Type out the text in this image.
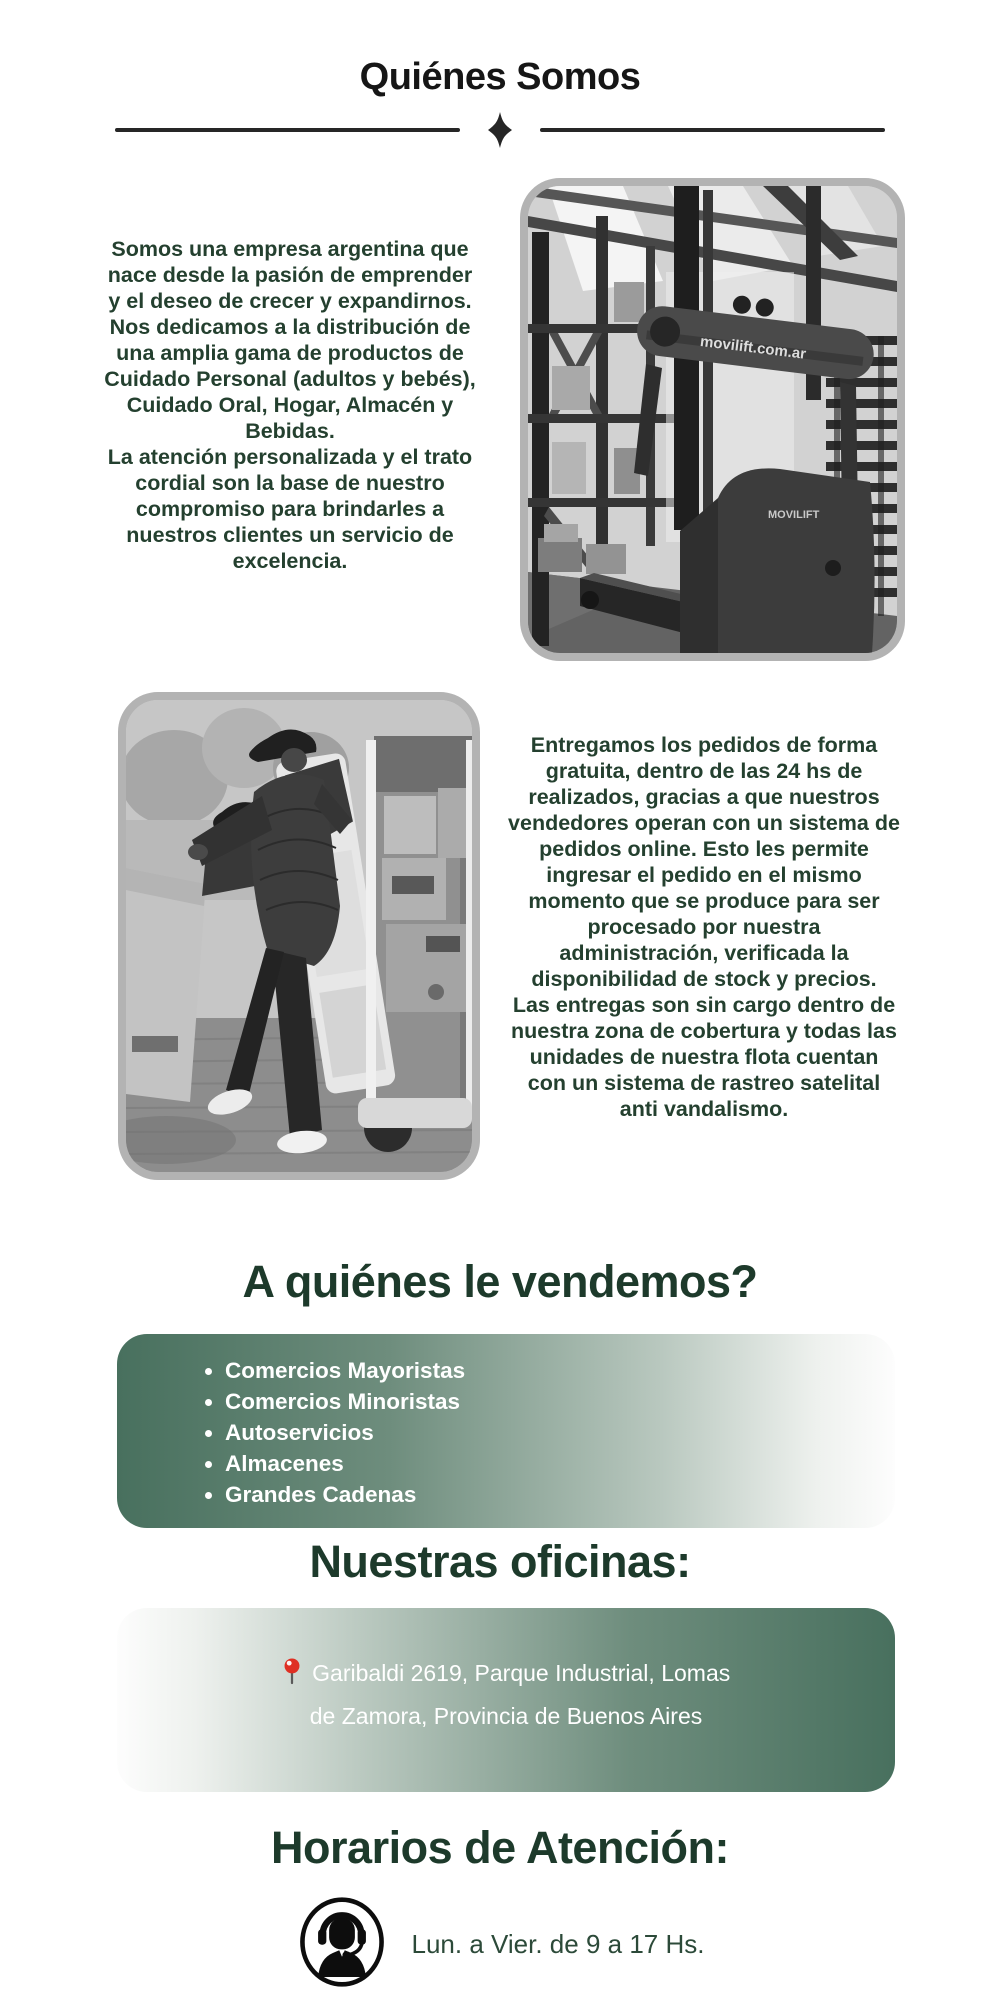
Quiénes Somos

Somos una empresa argentina que nace desde la pasión de emprender y el deseo de crecer y expandirnos.

Nos dedicamos a la distribución de una amplia gama de productos de Cuidado Personal (adultos y bebés), Cuidado Oral, Hogar, Almacén y Bebidas.

La atención personalizada y el trato cordial son la base de nuestro compromiso para brindarles a nuestros clientes un servicio de excelencia.

movilift.com.ar
MOVILIFT

Entregamos los pedidos de forma gratuita, dentro de las 24 hs de realizados, gracias a que nuestros vendedores operan con un sistema de pedidos online. Esto les permite ingresar el pedido en el mismo momento que se produce para ser procesado por nuestra administración, verificada la disponibilidad de stock y precios.

Las entregas son sin cargo dentro de nuestra zona de cobertura y todas las unidades de nuestra flota cuentan con un sistema de rastreo satelital anti vandalismo.

A quiénes le vendemos?
• Comercios Mayoristas
• Comercios Minoristas
• Autoservicios
• Almacenes
• Grandes Cadenas
Nuestras oficinas:
Garibaldi 2619, Parque Industrial, Lomas
de Zamora, Provincia de Buenos Aires
Horarios de Atención:
Lun. a Vier. de 9 a 17 Hs.
